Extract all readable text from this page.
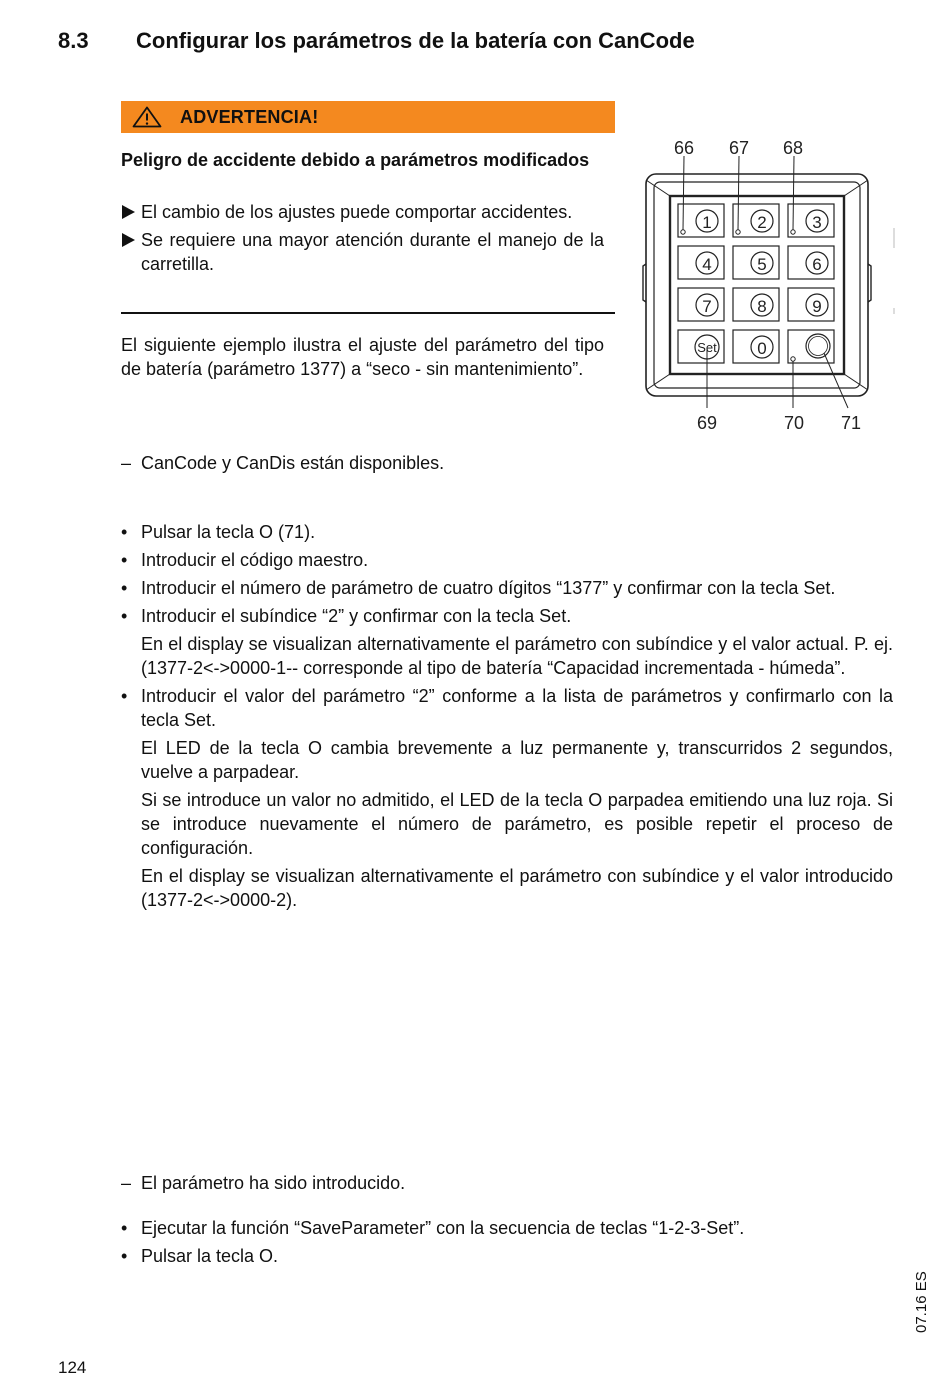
8.3 Configurar los parámetros de la batería con CanCode
ADVERTENCIA!
Peligro de accidente debido a parámetros modificados
El cambio de los ajustes puede comportar accidentes.
Se requiere una mayor atención durante el manejo de la carretilla.
El siguiente ejemplo ilustra el ajuste del parámetro del tipo de batería (parámetro 1377) a “seco - sin mantenimiento”.
1	2	3
4	5	6
7	8	9
Set 0
66 67 68
69	70 71
– CanCode y CanDis están disponibles.
• Pulsar la tecla O (71).

• Introducir el código maestro.

• Introducir el número de parámetro de cuatro dígitos “1377” y confirmar con la tecla Set.

• Introducir el subíndice “2” y confirmar con la tecla Set.

En el display se visualizan alternativamente el parámetro con subíndice y el valor actual. P. ej. (1377-2<->0000-1-- corresponde al tipo de batería “Capacidad incrementada - húmeda”.

• Introducir el valor del parámetro “2” conforme a la lista de parámetros y confirmarlo con la tecla Set.

El LED de la tecla O cambia brevemente a luz permanente y, transcurridos 2 segundos, vuelve a parpadear.

Si se introduce un valor no admitido, el LED de la tecla O parpadea emitiendo una luz roja. Si se introduce nuevamente el número de parámetro, es posible repetir el proceso de configuración.

En el display se visualizan alternativamente el parámetro con subíndice y el valor introducido (1377-2<->0000-2).

– El parámetro ha sido introducido.
• Ejecutar la función “SaveParameter” con la secuencia de teclas “1-2-3-Set”.

• Pulsar la tecla O.

124
07.16 ES
